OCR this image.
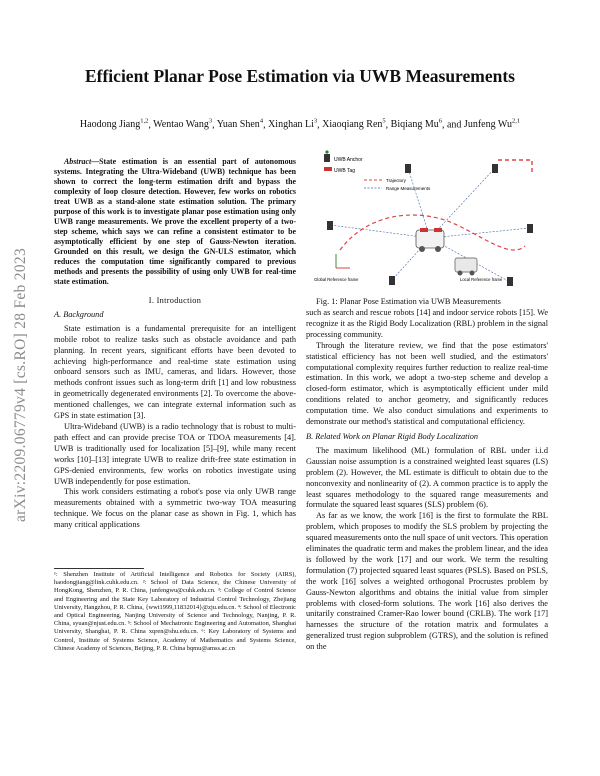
arXiv:2209.06779v4 [cs.RO] 28 Feb 2023
Efficient Planar Pose Estimation via UWB Measurements
Haodong Jiang$^{1,2}$, Wentao Wang$^3$, Yuan Shen$^4$, Xinghan Li$^3$, Xiaoqiang Ren$^5$, Biqiang Mu$^6$, and Junfeng Wu$^{2,1}$

Abstract—State estimation is an essential part of autonomous systems. Integrating the Ultra-Wideband (UWB) technique has been shown to correct the long-term estimation drift and bypass the complexity of loop closure detection. However, few works on robotics treat UWB as a stand-alone state estimation solution. The primary purpose of this work is to investigate planar pose estimation using only UWB range measurements. We prove the excellent property of a two-step scheme, which says we can refine a consistent estimator to be asymptotically efficient by one step of Gauss-Newton iteration. Grounded on this result, we design the GN-ULS estimator, which reduces the computation time significantly compared to previous methods and presents the possibility of using only UWB for real-time state estimation.

I. Introduction

A. Background

State estimation is a fundamental prerequisite for an intelligent mobile robot to realize tasks such as obstacle avoidance and path planning. In recent years, significant efforts have been devoted to achieving high-performance and real-time state estimation using onboard sensors such as IMU, cameras, and lidars. However, those methods confront issues such as long-term drift [1] and low robustness in geometrically degenerated environments [2]. To overcome the above-mentioned challenges, we can integrate external information such as GPS in state estimation [3].

Ultra-Wideband (UWB) is a radio technology that is robust to multi-path effect and can provide precise TOA or TDOA measurements [4]. UWB is traditionally used for localization [5]–[9], while many recent works [10]–[13] integrate UWB to realize drift-free state estimation in GPS-denied environments, few works on robotics investigate using UWB independently for pose estimation.

This work considers estimating a robot's pose via only UWB range measurements obtained with a symmetric two-way TOA measuring technique. We focus on the planar case as shown in Fig. 1, which has many critical applications

¹: Shenzhen Institute of Artificial Intelligence and Robotics for Society (AIRS), haodongjiang@link.cuhk.edu.cn. ²: School of Data Science, the Chinese University of HongKong, Shenzhen, P. R. China, junfengwu@cuhk.edu.cn. ³: College of Control Science and Engineering and the State Key Laboratory of Industrial Control Technology, Zhejiang University, Hangzhou, P. R. China, {wwt1999,11832014}@zju.edu.cn. ⁴: School of Electronic and Optical Engineering, Nanjing University of Science and Technology, Nanjing, P. R. China, syuan@njust.edu.cn. ⁵: School of Mechatronic Engineering and Automation, Shanghai University, Shanghai, P. R. China xqren@shu.edu.cn. ⁶: Key Laboratory of Systems and Control, Institute of Systems Science, Academy of Mathematics and Systems Science, Chinese Academy of Sciences, Beijing, P. R. China bqmu@amss.ac.cn
UWB Anchor
UWB Tag
Trajectory
Range Measurements
Global Reference frame	Local Reference frame
Fig. 1: Planar Pose Estimation via UWB Measurements

such as search and rescue robots [14] and indoor service robots [15]. We recognize it as the Rigid Body Localization (RBL) problem in the signal processing community.

Through the literature review, we find that the pose estimators' statistical efficiency has not been well studied, and the estimators' computational complexity requires further reduction to realize real-time estimation. In this work, we adopt a two-step scheme and develop a closed-form estimator, which is asymptotically efficient under mild conditions related to anchor geometry, and significantly reduces computation time. We also conduct simulations and experiments to demonstrate our method's statistical and computational efficiency.

B. Related Work on Planar Rigid Body Localization

The maximum likelihood (ML) formulation of RBL under i.i.d Gaussian noise assumption is a constrained weighted least squares (LS) problem (2). However, the ML estimate is difficult to obtain due to the nonconvexity and nonlinearity of (2). A common practice is to apply the least squares methodology to the squared range measurements and formulate the squared least squares (SLS) problem (6).

As far as we know, the work [16] is the first to formulate the RBL problem, which proposes to modify the SLS problem by projecting the squared measurements onto the null space of unit vectors. This operation eliminates the quadratic term and makes the problem linear, and the idea is followed by the work [17] and our work. We term the resulting formulation (7) projected squared least squares (PSLS). Based on PSLS, the work [16] solves a weighted orthogonal Procrustes problem by Gauss-Newton algorithms and obtains the initial value from simpler problems with closed-form solutions. The work [16] also derives the unitarily constrained Cramer-Rao lower bound (CRLB). The work [17] harnesses the structure of the rotation matrix and formulates a generalized trust region subproblem (GTRS), and the solution is refined on the
